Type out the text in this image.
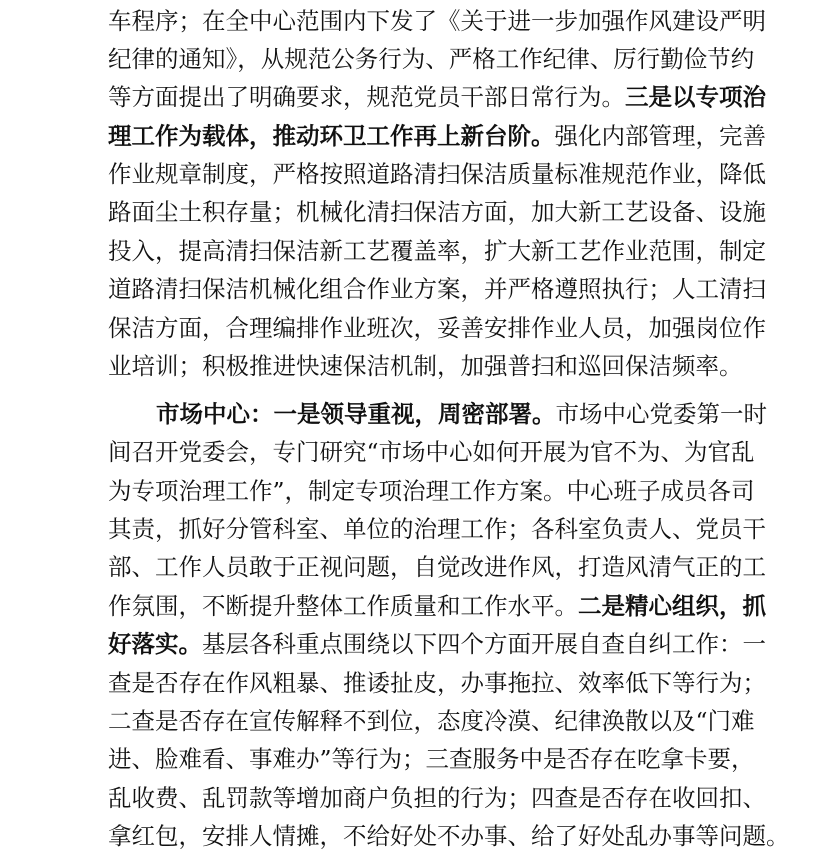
车程序；在全中心范围内下发了《关于进一步加强作风建设严明
纪律的通知》，从规范公务行为、严格工作纪律、厉行勤俭节约
等方面提出了明确要求，规范党员干部日常行为。三是以专项治
理工作为载体，推动环卫工作再上新台阶。强化内部管理，完善
作业规章制度，严格按照道路清扫保洁质量标准规范作业，降低
路面尘土积存量；机械化清扫保洁方面，加大新工艺设备、设施
投入，提高清扫保洁新工艺覆盖率，扩大新工艺作业范围，制定
道路清扫保洁机械化组合作业方案，并严格遵照执行；人工清扫
保洁方面，合理编排作业班次，妥善安排作业人员，加强岗位作
业培训；积极推进快速保洁机制，加强普扫和巡回保洁频率。
市场中心：一是领导重视，周密部署。市场中心党委第一时
间召开党委会，专门研究“市场中心如何开展为官不为、为官乱
为专项治理工作”，制定专项治理工作方案。中心班子成员各司
其责，抓好分管科室、单位的治理工作；各科室负责人、党员干
部、工作人员敢于正视问题，自觉改进作风，打造风清气正的工
作氛围，不断提升整体工作质量和工作水平。二是精心组织，抓
好落实。基层各科重点围绕以下四个方面开展自查自纠工作：一
查是否存在作风粗暴、推诿扯皮，办事拖拉、效率低下等行为；
二查是否存在宣传解释不到位，态度冷漠、纪律涣散以及“门难
进、脸难看、事难办”等行为；三查服务中是否存在吃拿卡要，
乱收费、乱罚款等增加商户负担的行为；四查是否存在收回扣、
拿红包，安排人情摊，不给好处不办事、给了好处乱办事等问题。
